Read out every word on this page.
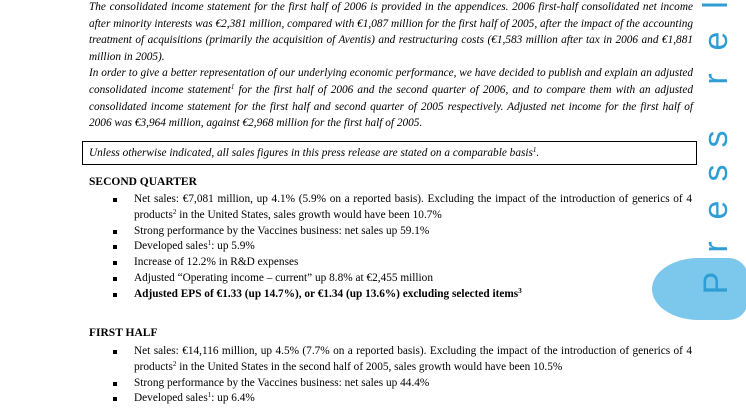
The consolidated income statement for the first half of 2006 is provided in the appendices. 2006 first-half consolidated net income after minority interests was €2,381 million, compared with €1,087 million for the first half of 2005, after the impact of the accounting treatment of acquisitions (primarily the acquisition of Aventis) and restructuring costs (€1,583 million after tax in 2006 and €1,881 million in 2005).

In order to give a better representation of our underlying economic performance, we have decided to publish and explain an adjusted consolidated income statement$^1$ for the first half of 2006 and the second quarter of 2006, and to compare them with an adjusted consolidated income statement for the first half and second quarter of 2005 respectively. Adjusted net income for the first half of 2006 was €3,964 million, against €2,968 million for the first half of 2005.

Unless otherwise indicated, all sales figures in this press release are stated on a comparable basis$^1$.
SECOND QUARTER
Net sales: €7,081 million, up 4.1% (5.9% on a reported basis). Excluding the impact of the introduction of generics of 4 products$^2$ in the United States, sales growth would have been 10.7%
Strong performance by the Vaccines business: net sales up 59.1%
Developed sales$^1$: up 5.9%
Increase of 12.2% in R&D expenses
Adjusted “Operating income – current” up 8.8% at €2,455 million
Adjusted EPS of €1.33 (up 14.7%), or €1.34 (up 13.6%) excluding selected items$^3$
FIRST HALF
Net sales: €14,116 million, up 4.5% (7.7% on a reported basis). Excluding the impact of the introduction of generics of 4 products$^2$ in the United States in the second half of 2005, sales growth would have been 10.5%
Strong performance by the Vaccines business: net sales up 44.4%
Developed sales$^1$: up 6.4%
P
r
e
s
s
r
e
l
